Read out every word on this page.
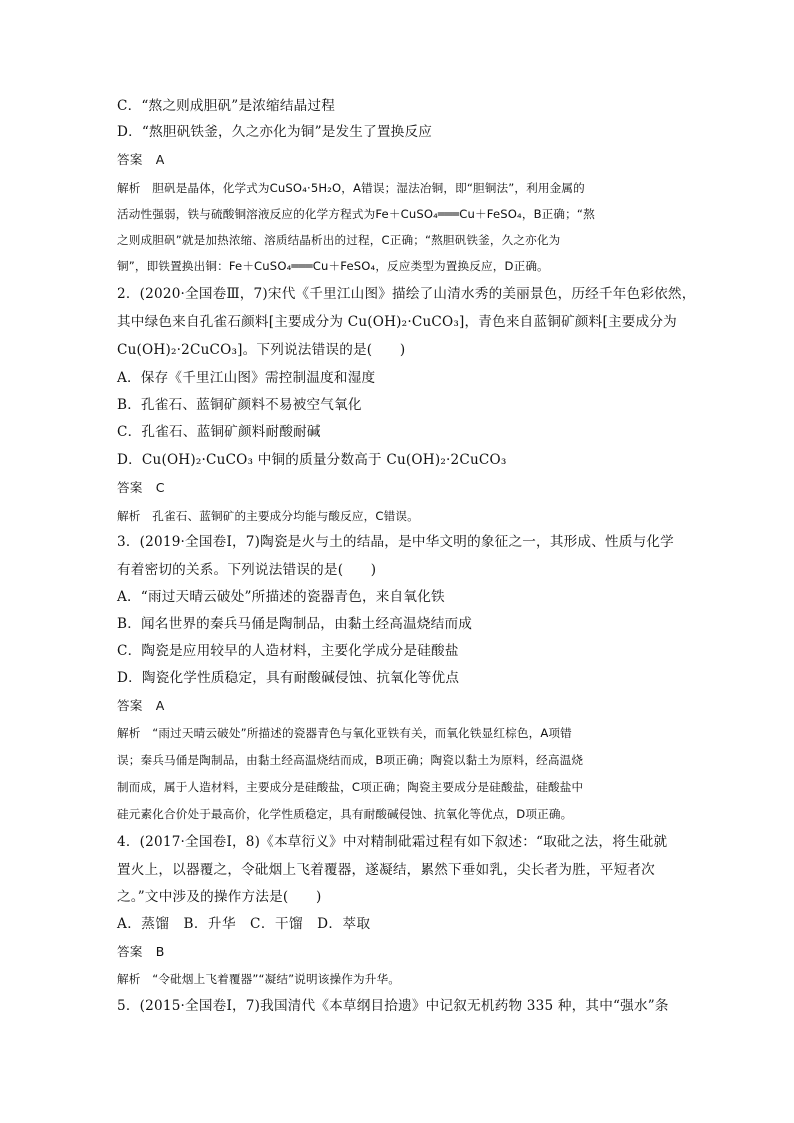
C．“熬之则成胆矾”是浓缩结晶过程
D．“熬胆矾铁釜，久之亦化为铜”是发生了置换反应
答案　A
解析　胆矾是晶体，化学式为CuSO₄·5H₂O，A错误；湿法冶铜，即“胆铜法”，利用金属的
活动性强弱，铁与硫酸铜溶液反应的化学方程式为Fe＋CuSO₄═══Cu＋FeSO₄，B正确；“熬
之则成胆矾”就是加热浓缩、溶质结晶析出的过程，C正确；“熬胆矾铁釜，久之亦化为
铜”，即铁置换出铜：Fe＋CuSO₄═══Cu＋FeSO₄，反应类型为置换反应，D正确。
2．(2020·全国卷Ⅲ，7)宋代《千里江山图》描绘了山清水秀的美丽景色，历经千年色彩依然，
其中绿色来自孔雀石颜料[主要成分为 Cu(OH)₂·CuCO₃]，青色来自蓝铜矿颜料[主要成分为
Cu(OH)₂·2CuCO₃]。下列说法错误的是(　　)
A．保存《千里江山图》需控制温度和湿度
B．孔雀石、蓝铜矿颜料不易被空气氧化
C．孔雀石、蓝铜矿颜料耐酸耐碱
D．Cu(OH)₂·CuCO₃ 中铜的质量分数高于 Cu(OH)₂·2CuCO₃
答案　C
解析　孔雀石、蓝铜矿的主要成分均能与酸反应，C错误。
3．(2019·全国卷Ⅰ，7)陶瓷是火与土的结晶，是中华文明的象征之一，其形成、性质与化学
有着密切的关系。下列说法错误的是(　　)
A．“雨过天晴云破处”所描述的瓷器青色，来自氧化铁
B．闻名世界的秦兵马俑是陶制品，由黏土经高温烧结而成
C．陶瓷是应用较早的人造材料，主要化学成分是硅酸盐
D．陶瓷化学性质稳定，具有耐酸碱侵蚀、抗氧化等优点
答案　A
解析　“雨过天晴云破处”所描述的瓷器青色与氧化亚铁有关，而氧化铁显红棕色，A项错
误；秦兵马俑是陶制品，由黏土经高温烧结而成，B项正确；陶瓷以黏土为原料，经高温烧
制而成，属于人造材料，主要成分是硅酸盐，C项正确；陶瓷主要成分是硅酸盐，硅酸盐中
硅元素化合价处于最高价，化学性质稳定，具有耐酸碱侵蚀、抗氧化等优点，D项正确。
4．(2017·全国卷Ⅰ，8)《本草衍义》中对精制砒霜过程有如下叙述：“取砒之法，将生砒就
置火上，以器覆之，令砒烟上飞着覆器，遂凝结，累然下垂如乳，尖长者为胜，平短者次
之。”文中涉及的操作方法是(　　)
A．蒸馏　B．升华　C．干馏　D．萃取
答案　B
解析　“令砒烟上飞着覆器”“凝结”说明该操作为升华。
5．(2015·全国卷Ⅰ，7)我国清代《本草纲目拾遗》中记叙无机药物 335 种，其中“强水”条
